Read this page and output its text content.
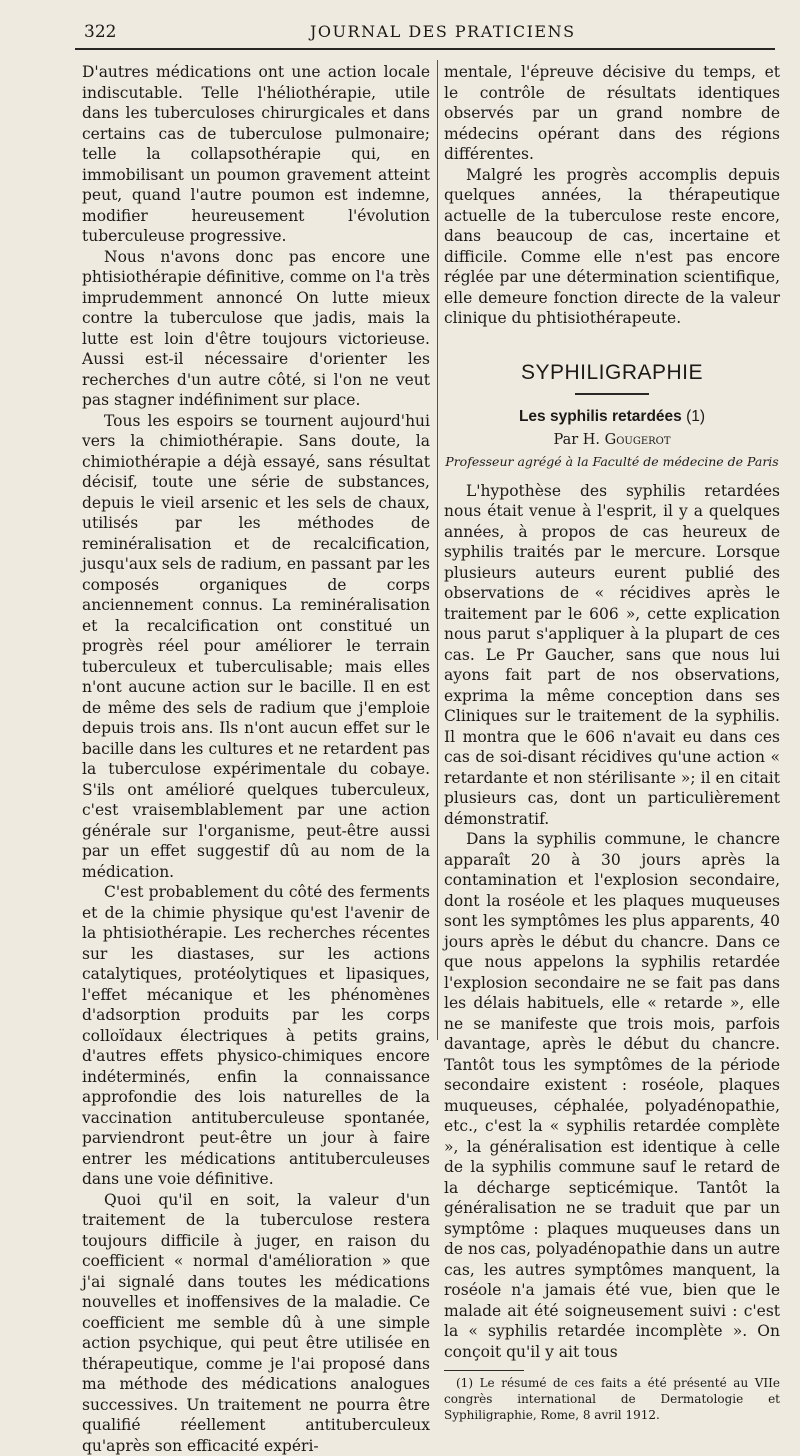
322	JOURNAL DES PRATICIENS

D'autres médications ont une action locale indiscutable. Telle l'héliothérapie, utile dans les tuberculoses chirurgicales et dans certains cas de tuberculose pulmonaire; telle la collapsothérapie qui, en immobilisant un poumon gravement atteint peut, quand l'autre poumon est indemne, modifier heureusement l'évolution tuberculeuse progressive.

Nous n'avons donc pas encore une phtisiothérapie définitive, comme on l'a très imprudemment annoncé On lutte mieux contre la tuberculose que jadis, mais la lutte est loin d'être toujours victorieuse. Aussi est-il nécessaire d'orienter les recherches d'un autre côté, si l'on ne veut pas stagner indéfiniment sur place.

Tous les espoirs se tournent aujourd'hui vers la chimiothérapie. Sans doute, la chimiothérapie a déjà essayé, sans résultat décisif, toute une série de substances, depuis le vieil arsenic et les sels de chaux, utilisés par les méthodes de reminéralisation et de recalcification, jusqu'aux sels de radium, en passant par les composés organiques de corps anciennement connus. La reminéralisation et la recalcification ont constitué un progrès réel pour améliorer le terrain tuberculeux et tuberculisable; mais elles n'ont aucune action sur le bacille. Il en est de même des sels de radium que j'emploie depuis trois ans. Ils n'ont aucun effet sur le bacille dans les cultures et ne retardent pas la tuberculose expérimentale du cobaye. S'ils ont amélioré quelques tuberculeux, c'est vraisemblablement par une action générale sur l'organisme, peut-être aussi par un effet suggestif dû au nom de la médication.

C'est probablement du côté des ferments et de la chimie physique qu'est l'avenir de la phtisiothérapie. Les recherches récentes sur les diastases, sur les actions catalytiques, protéolytiques et lipasiques, l'effet mécanique et les phénomènes d'adsorption produits par les corps colloïdaux électriques à petits grains, d'autres effets physico-chimiques encore indéterminés, enfin la connaissance approfondie des lois naturelles de la vaccination antituberculeuse spontanée, parviendront peut-être un jour à faire entrer les médications antituberculeuses dans une voie définitive.

Quoi qu'il en soit, la valeur d'un traitement de la tuberculose restera toujours difficile à juger, en raison du coefficient « normal d'amélioration » que j'ai signalé dans toutes les médications nouvelles et inoffensives de la maladie. Ce coefficient me semble dû à une simple action psychique, qui peut être utilisée en thérapeutique, comme je l'ai proposé dans ma méthode des médications analogues successives. Un traitement ne pourra être qualifié réellement antituberculeux qu'après son efficacité expéri-

mentale, l'épreuve décisive du temps, et le contrôle de résultats identiques observés par un grand nombre de médecins opérant dans des régions différentes.

Malgré les progrès accomplis depuis quelques années, la thérapeutique actuelle de la tuberculose reste encore, dans beaucoup de cas, incertaine et difficile. Comme elle n'est pas encore réglée par une détermination scientifique, elle demeure fonction directe de la valeur clinique du phtisiothérapeute.

SYPHILIGRAPHIE
Les syphilis retardées (1)
Par H. Gougerot
Professeur agrégé à la Faculté de médecine de Paris

L'hypothèse des syphilis retardées nous était venue à l'esprit, il y a quelques années, à propos de cas heureux de syphilis traités par le mercure. Lorsque plusieurs auteurs eurent publié des observations de « récidives après le traitement par le 606 », cette explication nous parut s'appliquer à la plupart de ces cas. Le Pr Gaucher, sans que nous lui ayons fait part de nos observations, exprima la même conception dans ses Cliniques sur le traitement de la syphilis. Il montra que le 606 n'avait eu dans ces cas de soi-disant récidives qu'une action « retardante et non stérilisante »; il en citait plusieurs cas, dont un particulièrement démonstratif.

Dans la syphilis commune, le chancre apparaît 20 à 30 jours après la contamination et l'explosion secondaire, dont la roséole et les plaques muqueuses sont les symptômes les plus apparents, 40 jours après le début du chancre. Dans ce que nous appelons la syphilis retardée l'explosion secondaire ne se fait pas dans les délais habituels, elle « retarde », elle ne se manifeste que trois mois, parfois davantage, après le début du chancre. Tantôt tous les symptômes de la période secondaire existent : roséole, plaques muqueuses, céphalée, polyadénopathie, etc., c'est la « syphilis retardée complète », la généralisation est identique à celle de la syphilis commune sauf le retard de la décharge septicémique. Tantôt la généralisation ne se traduit que par un symptôme : plaques muqueuses dans un de nos cas, polyadénopathie dans un autre cas, les autres symptômes manquent, la roséole n'a jamais été vue, bien que le malade ait été soigneusement suivi : c'est la « syphilis retardée incomplète ». On conçoit qu'il y ait tous

(1) Le résumé de ces faits a été présenté au VIIe congrès international de Dermatologie et Syphiligraphie, Rome, 8 avril 1912.
